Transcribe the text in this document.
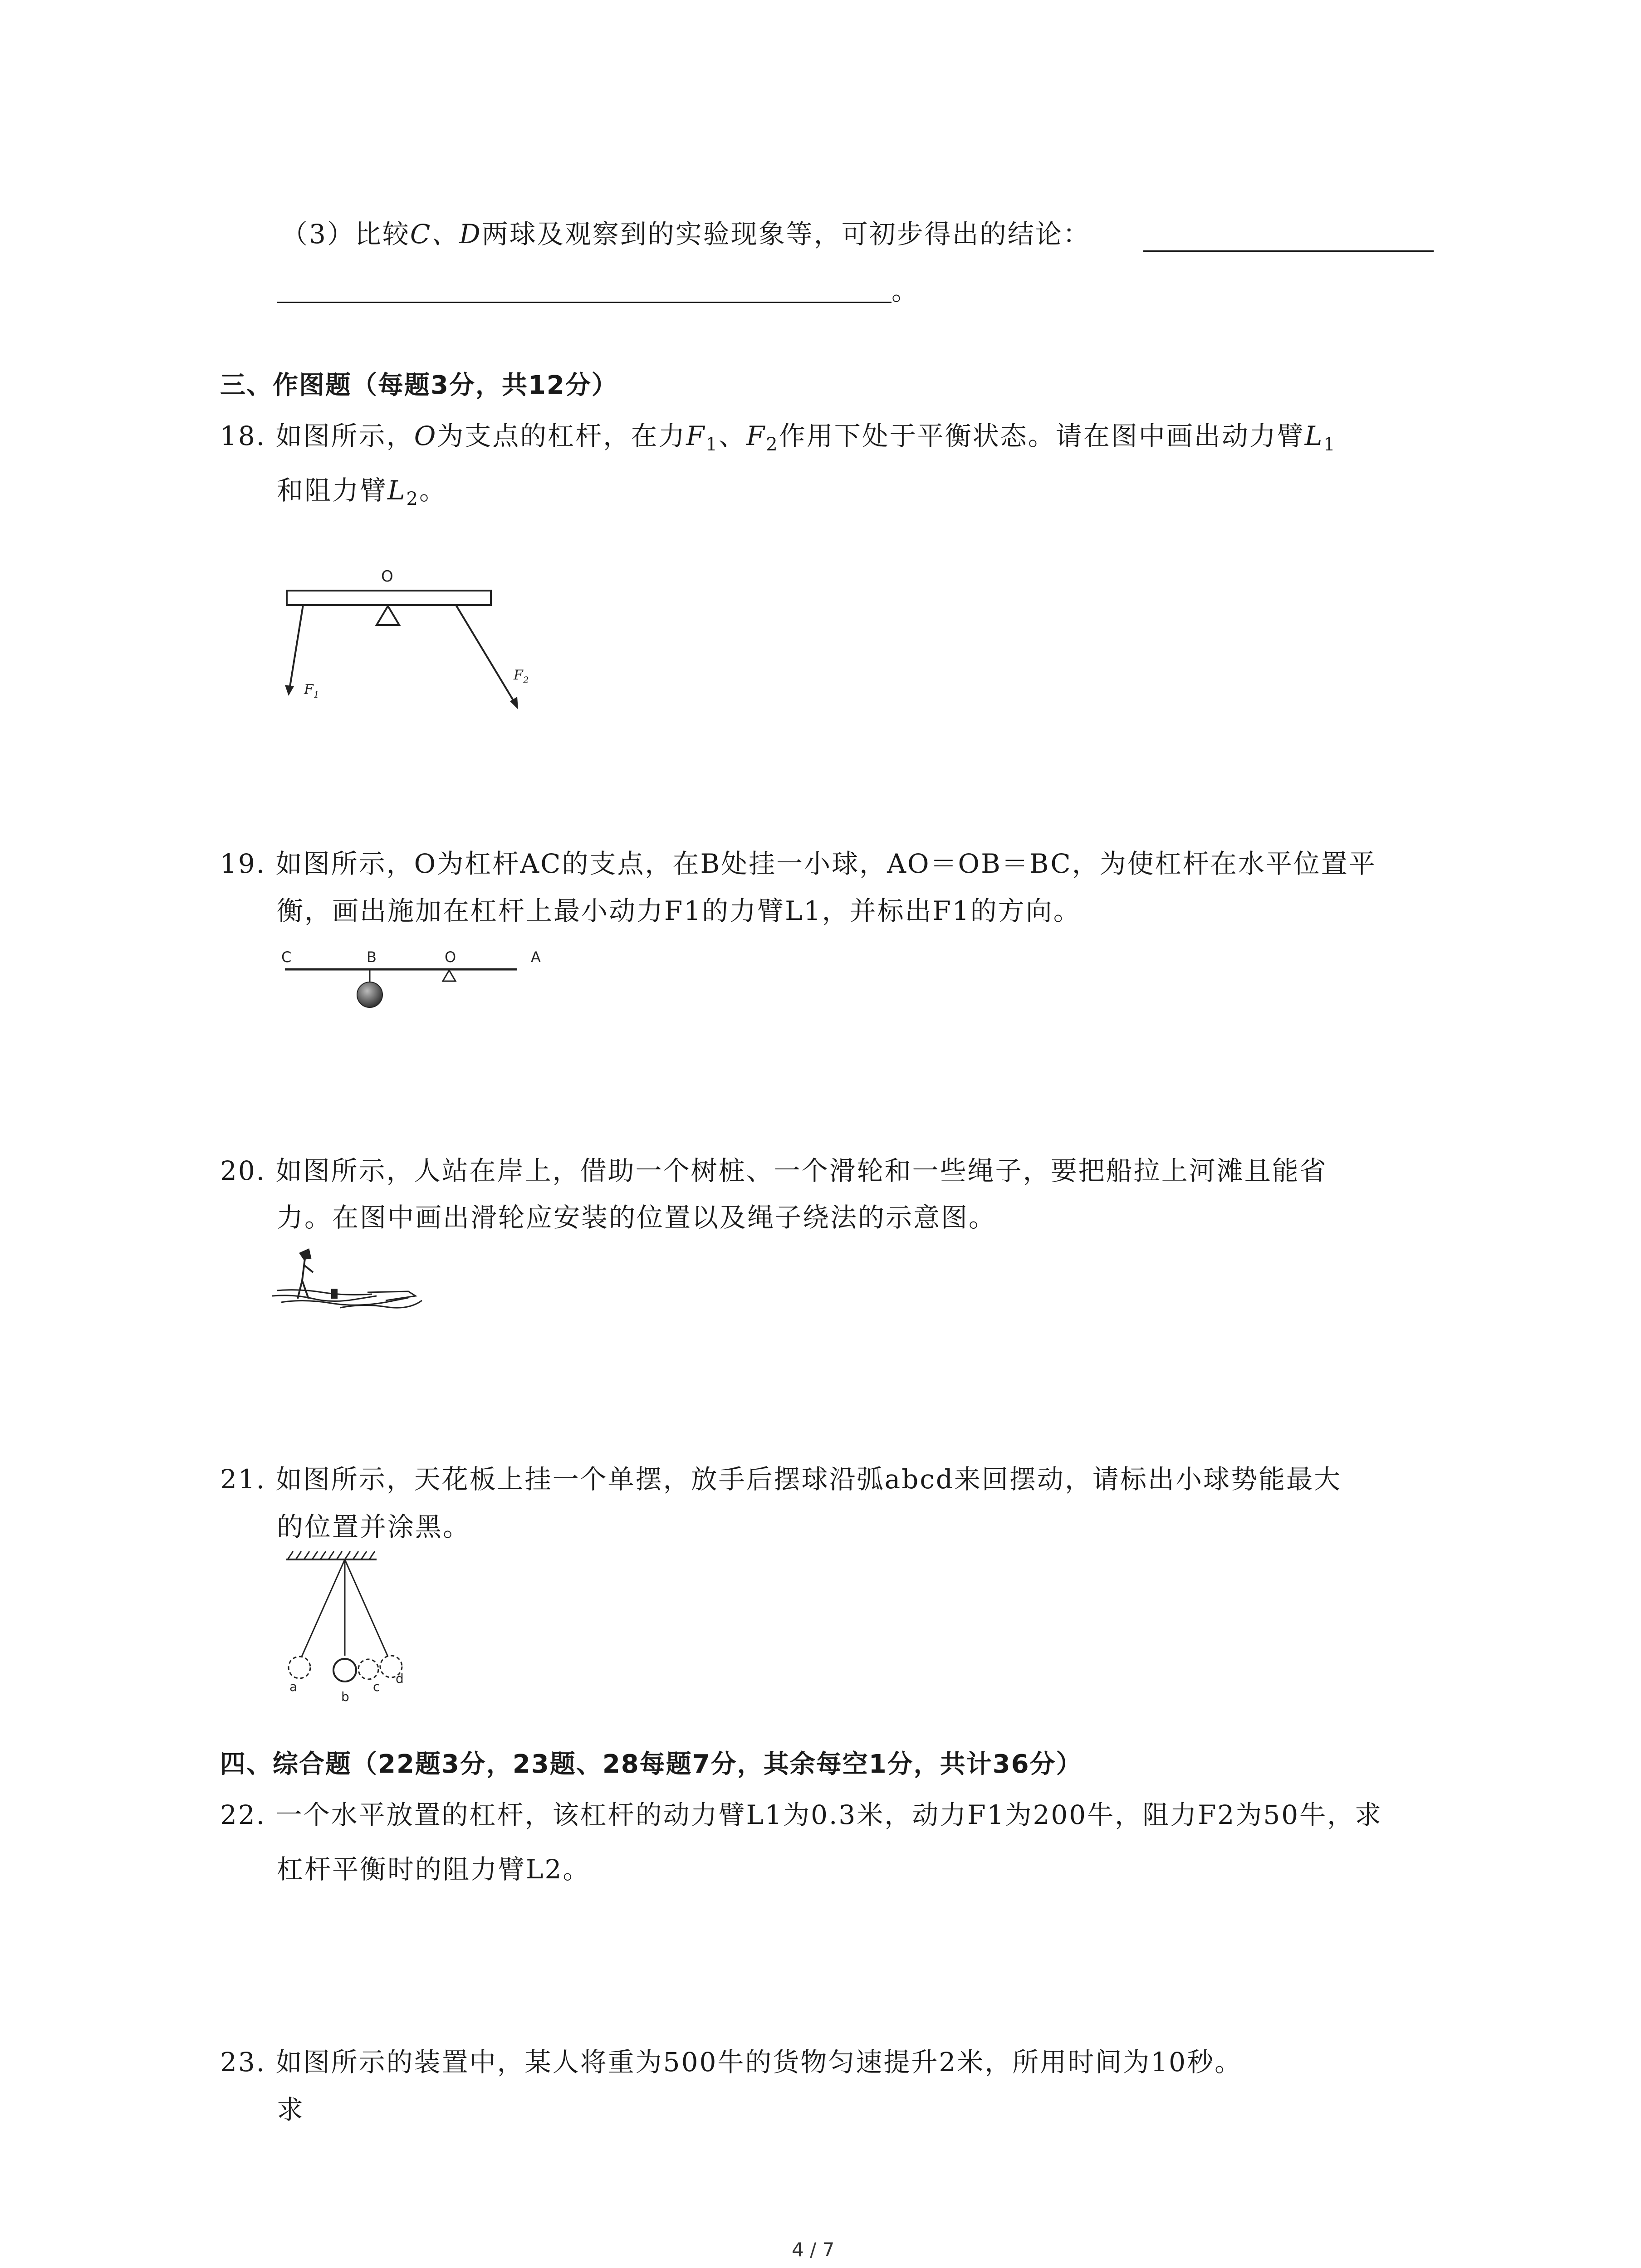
（3）比较C、D两球及观察到的实验现象等，可初步得出的结论：
。
三、作图题（每题3分，共12分）
18. 如图所示，O为支点的杠杆，在力$F_1$、$F_2$作用下处于平衡状态。请在图中画出动力臂$L_1$
和阻力臂$L_2$。
O
$F_1$
$F_2$
19. 如图所示，O为杠杆AC的支点，在B处挂一小球，AO＝OB＝BC，为使杠杆在水平位置平
衡，画出施加在杠杆上最小动力F1的力臂L1，并标出F1的方向。
C	B	O	A
20. 如图所示，人站在岸上，借助一个树桩、一个滑轮和一些绳子，要把船拉上河滩且能省
力。在图中画出滑轮应安装的位置以及绳子绕法的示意图。
21. 如图所示，天花板上挂一个单摆，放手后摆球沿弧abcd来回摆动，请标出小球势能最大
的位置并涂黑。
a
b
c
d
四、综合题（22题3分，23题、28每题7分，其余每空1分，共计36分）
22. 一个水平放置的杠杆，该杠杆的动力臂L1为0.3米，动力F1为200牛，阻力F2为50牛，求
杠杆平衡时的阻力臂L2。
23. 如图所示的装置中，某人将重为500牛的货物匀速提升2米，所用时间为10秒。
求
4 / 7
